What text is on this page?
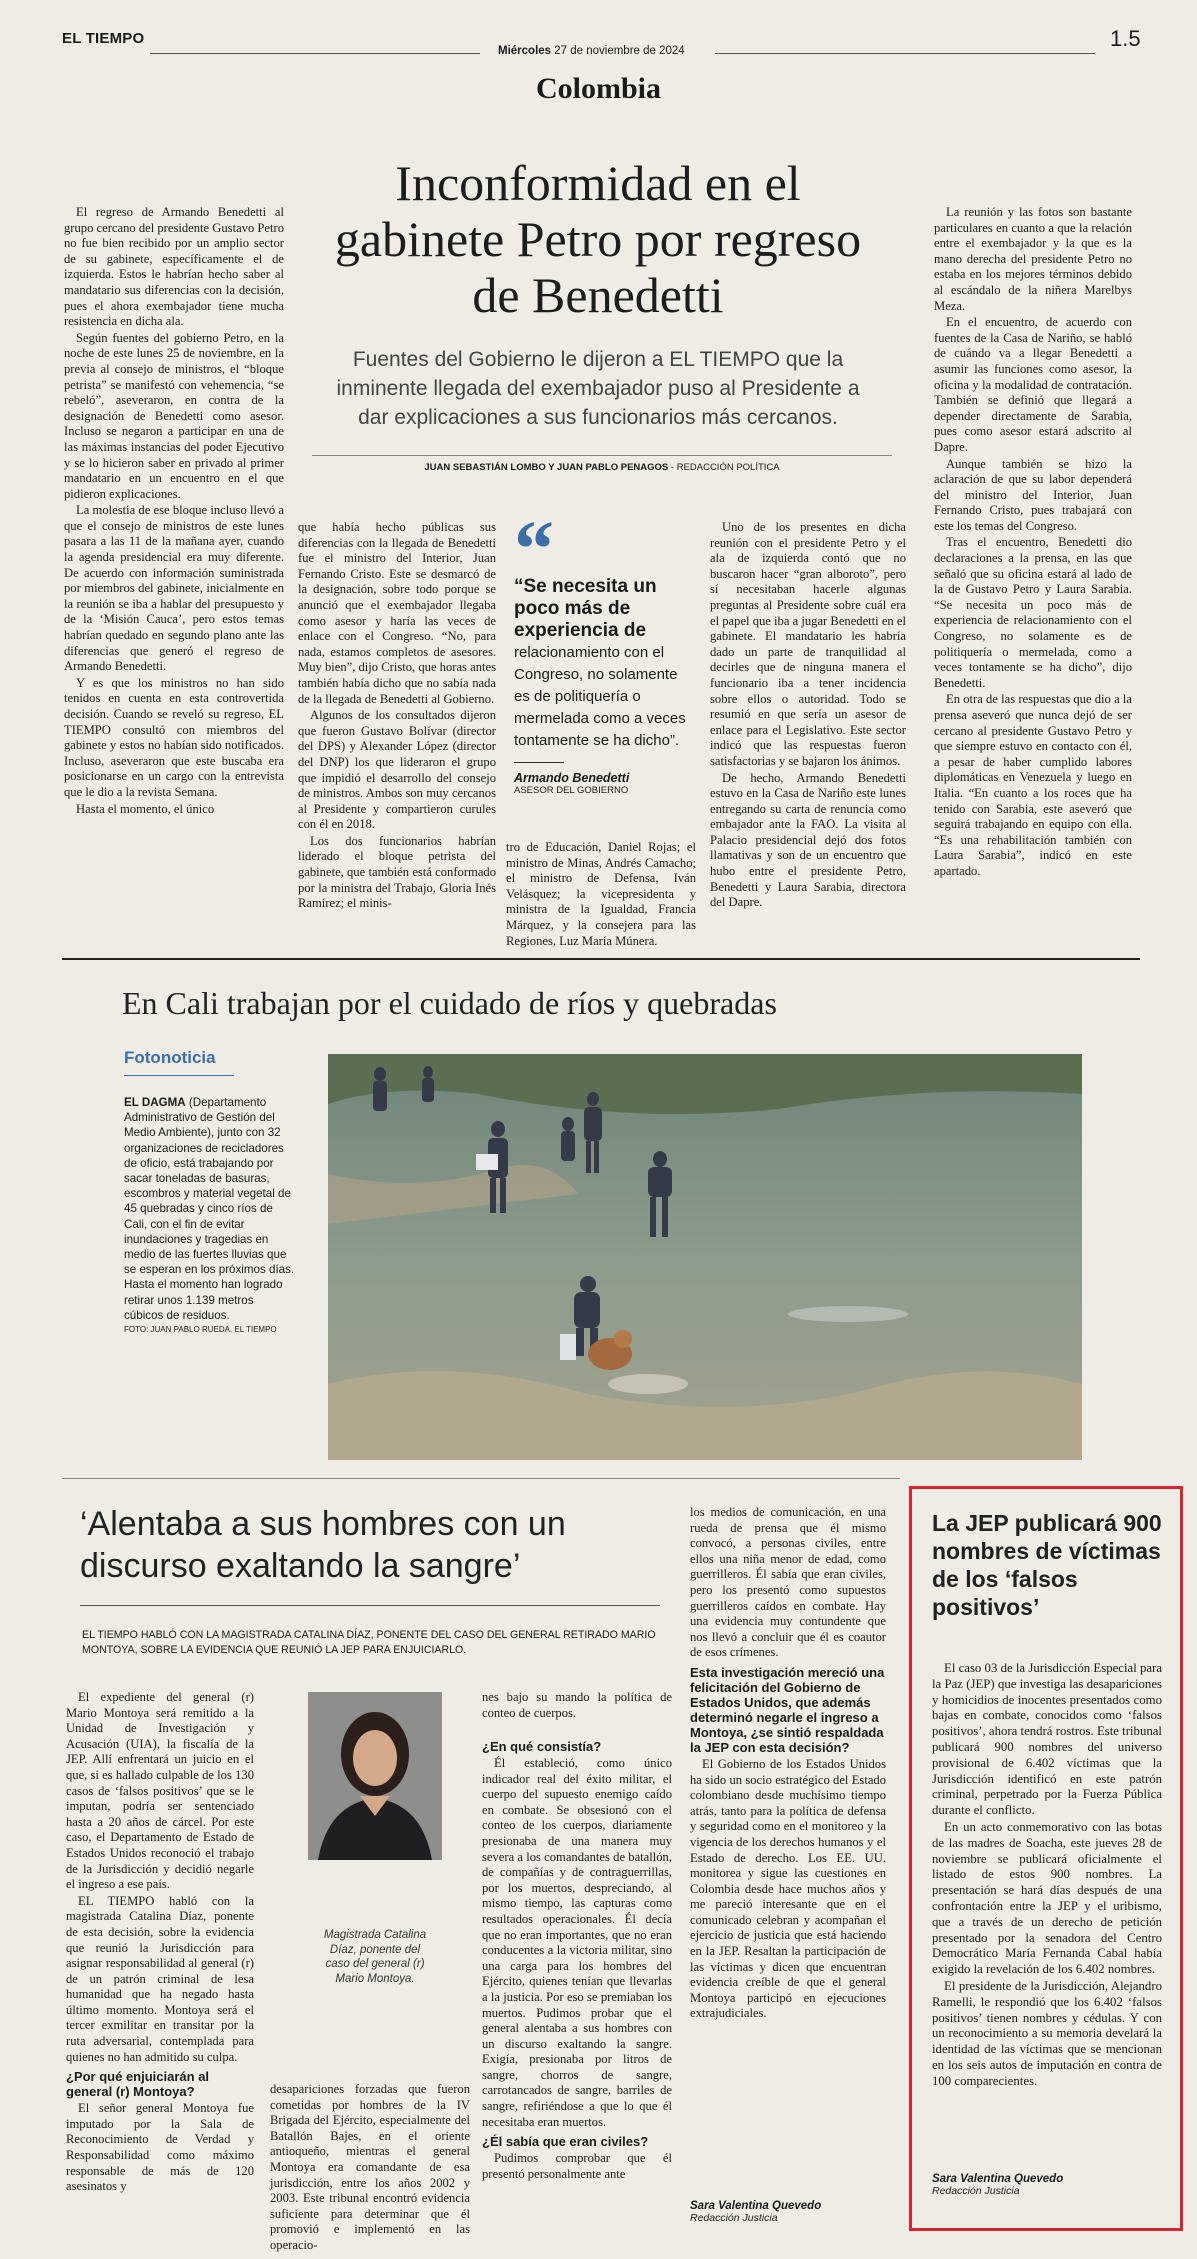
EL TIEMPO
Miércoles 27 de noviembre de 2024	1.5
Colombia
Inconformidad en el gabinete Petro por regreso de Benedetti
Fuentes del Gobierno le dijeron a EL TIEMPO que la inminente llegada del exembajador puso al Presidente a dar explicaciones a sus funcionarios más cercanos.
JUAN SEBASTIÁN LOMBO Y JUAN PABLO PENAGOS - REDACCIÓN POLÍTICA

El regreso de Armando Benedetti al grupo cercano del presidente Gustavo Petro no fue bien recibido por un amplio sector de su gabinete, específicamente el de izquierda. Estos le habrían hecho saber al mandatario sus diferencias con la decisión, pues el ahora exembajador tiene mucha resistencia en dicha ala.

Según fuentes del gobierno Petro, en la noche de este lunes 25 de noviembre, en la previa al consejo de ministros, el “bloque petrista” se manifestó con vehemencia, “se rebeló”, aseveraron, en contra de la designación de Benedetti como asesor. Incluso se negaron a participar en una de las máximas instancias del poder Ejecutivo y se lo hicieron saber en privado al primer mandatario en un encuentro en el que pidieron explicaciones.

La molestia de ese bloque incluso llevó a que el consejo de ministros de este lunes pasara a las 11 de la mañana ayer, cuando la agenda presidencial era muy diferente. De acuerdo con información suministrada por miembros del gabinete, inicialmente en la reunión se iba a hablar del presupuesto y de la ‘Misión Cauca’, pero estos temas habrían quedado en segundo plano ante las diferencias que generó el regreso de Armando Benedetti.

Y es que los ministros no han sido tenidos en cuenta en esta controvertida decisión. Cuando se reveló su regreso, EL TIEMPO consultó con miembros del gabinete y estos no habían sido notificados. Incluso, aseveraron que este buscaba era posicionarse en un cargo con la entrevista que le dio a la revista Semana.

Hasta el momento, el único

que había hecho públicas sus diferencias con la llegada de Benedetti fue el ministro del Interior, Juan Fernando Cristo. Este se desmarcó de la designación, sobre todo porque se anunció que el exembajador llegaba como asesor y haría las veces de enlace con el Congreso. “No, para nada, estamos completos de asesores. Muy bien”, dijo Cristo, que horas antes también había dicho que no sabía nada de la llegada de Benedetti al Gobierno.

Algunos de los consultados dijeron que fueron Gustavo Bolívar (director del DPS) y Alexander López (director del DNP) los que lideraron el grupo que impidió el desarrollo del consejo de ministros. Ambos son muy cercanos al Presidente y compartieron curules con él en 2018.

Los dos funcionarios habrían liderado el bloque petrista del gabinete, que también está conformado por la ministra del Trabajo, Gloria Inés Ramírez; el minis-

“
“Se necesita un poco más de experiencia de
relacionamiento con el Congreso, no solamente es de politiquería o mermelada como a veces tontamente se ha dicho”.
Armando Benedetti
ASESOR DEL GOBIERNO

tro de Educación, Daniel Rojas; el ministro de Minas, Andrés Camacho; el ministro de Defensa, Iván Velásquez; la vicepresidenta y ministra de la Igualdad, Francia Márquez, y la consejera para las Regiones, Luz María Múnera.

Uno de los presentes en dicha reunión con el presidente Petro y el ala de izquierda contó que no buscaron hacer “gran alboroto”, pero sí necesitaban hacerle algunas preguntas al Presidente sobre cuál era el papel que iba a jugar Benedetti en el gabinete. El mandatario les habría dado un parte de tranquilidad al decirles que de ninguna manera el funcionario iba a tener incidencia sobre ellos o autoridad. Todo se resumió en que sería un asesor de enlace para el Legislativo. Este sector indicó que las respuestas fueron satisfactorias y se bajaron los ánimos.

De hecho, Armando Benedetti estuvo en la Casa de Nariño este lunes entregando su carta de renuncia como embajador ante la FAO. La visita al Palacio presidencial dejó dos fotos llamativas y son de un encuentro que hubo entre el presidente Petro, Benedetti y Laura Sarabia, directora del Dapre.

La reunión y las fotos son bastante particulares en cuanto a que la relación entre el exembajador y la que es la mano derecha del presidente Petro no estaba en los mejores términos debido al escándalo de la niñera Marelbys Meza.

En el encuentro, de acuerdo con fuentes de la Casa de Nariño, se habló de cuándo va a llegar Benedetti a asumir las funciones como asesor, la oficina y la modalidad de contratación. También se definió que llegará a depender directamente de Sarabia, pues como asesor estará adscrito al Dapre.

Aunque también se hizo la aclaración de que su labor dependerá del ministro del Interior, Juan Fernando Cristo, pues trabajará con este los temas del Congreso.

Tras el encuentro, Benedetti dio declaraciones a la prensa, en las que señaló que su oficina estará al lado de la de Gustavo Petro y Laura Sarabia. “Se necesita un poco más de experiencia de relacionamiento con el Congreso, no solamente es de politiquería o mermelada, como a veces tontamente se ha dicho”, dijo Benedetti.

En otra de las respuestas que dio a la prensa aseveró que nunca dejó de ser cercano al presidente Gustavo Petro y que siempre estuvo en contacto con él, a pesar de haber cumplido labores diplomáticas en Venezuela y luego en Italia. “En cuanto a los roces que ha tenido con Sarabia, este aseveró que seguirá trabajando en equipo con ella. “Es una rehabilitación también con Laura Sarabia”, indicó en este apartado.

En Cali trabajan por el cuidado de ríos y quebradas
Fotonoticia
EL DAGMA (Departamento Administrativo de Gestión del Medio Ambiente), junto con 32 organizaciones de recicladores de oficio, está trabajando por sacar toneladas de basuras, escombros y material vegetal de 45 quebradas y cinco ríos de Cali, con el fin de evitar inundaciones y tragedias en medio de las fuertes lluvias que se esperan en los próximos días. Hasta el momento han logrado retirar unos 1.139 metros cúbicos de residuos.
FOTO: JUAN PABLO RUEDA. EL TIEMPO
‘Alentaba a sus hombres con un discurso exaltando la sangre’
EL TIEMPO HABLÓ CON LA MAGISTRADA CATALINA DÍAZ, PONENTE DEL CASO DEL GENERAL RETIRADO MARIO MONTOYA, SOBRE LA EVIDENCIA QUE REUNIÓ LA JEP PARA ENJUICIARLO.

El expediente del general (r) Mario Montoya será remitido a la Unidad de Investigación y Acusación (UIA), la fiscalía de la JEP. Allí enfrentará un juicio en el que, si es hallado culpable de los 130 casos de ‘falsos positivos’ que se le imputan, podría ser sentenciado hasta a 20 años de cárcel. Por este caso, el Departamento de Estado de Estados Unidos reconoció el trabajo de la Jurisdicción y decidió negarle el ingreso a ese país.

EL TIEMPO habló con la magistrada Catalina Díaz, ponente de esta decisión, sobre la evidencia que reunió la Jurisdicción para asignar responsabilidad al general (r) de un patrón criminal de lesa humanidad que ha negado hasta último momento. Montoya será el tercer exmilitar en transitar por la ruta adversarial, contemplada para quienes no han admitido su culpa.

¿Por qué enjuiciarán al general (r) Montoya?

El señor general Montoya fue imputado por la Sala de Reconocimiento de Verdad y Responsabilidad como máximo responsable de más de 120 asesinatos y

nes bajo su mando la política de conteo de cuerpos.

Magistrada Catalina Díaz, ponente del caso del general (r) Mario Montoya.

desapariciones forzadas que fueron cometidas por hombres de la IV Brigada del Ejército, especialmente del Batallón Bajes, en el oriente antioqueño, mientras el general Montoya era comandante de esa jurisdicción, entre los años 2002 y 2003. Este tribunal encontró evidencia suficiente para determinar que él promovió e implementó en las operacio-

¿En qué consistía?

Él estableció, como único indicador real del éxito militar, el cuerpo del supuesto enemigo caído en combate. Se obsesionó con el conteo de los cuerpos, diariamente presionaba de una manera muy severa a los comandantes de batallón, de compañías y de contraguerrillas, por los muertos, despreciando, al mismo tiempo, las capturas como resultados operacionales. Él decía que no eran importantes, que no eran conducentes a la victoria militar, sino una carga para los hombres del Ejército, quienes tenían que llevarlas a la justicia. Por eso se premiaban los muertos. Pudimos probar que el general alentaba a sus hombres con un discurso exaltando la sangre. Exigía, presionaba por litros de sangre, chorros de sangre, carrotancados de sangre, barriles de sangre, refiriéndose a que lo que él necesitaba eran muertos.

¿Él sabía que eran civiles?

Pudimos comprobar que él presentó personalmente ante

los medios de comunicación, en una rueda de prensa que él mismo convocó, a personas civiles, entre ellos una niña menor de edad, como guerrilleros. Él sabía que eran civiles, pero los presentó como supuestos guerrilleros caídos en combate. Hay una evidencia muy contundente que nos llevó a concluir que él es coautor de esos crímenes.

Esta investigación mereció una felicitación del Gobierno de Estados Unidos, que además determinó negarle el ingreso a Montoya, ¿se sintió respaldada la JEP con esta decisión?

El Gobierno de los Estados Unidos ha sido un socio estratégico del Estado colombiano desde muchísimo tiempo atrás, tanto para la política de defensa y seguridad como en el monitoreo y la vigencia de los derechos humanos y el Estado de derecho. Los EE. UU. monitorea y sigue las cuestiones en Colombia desde hace muchos años y me pareció interesante que en el comunicado celebran y acompañan el ejercicio de justicia que está haciendo en la JEP. Resaltan la participación de las víctimas y dicen que encuentran evidencia creíble de que el general Montoya participó en ejecuciones extrajudiciales.

Sara Valentina Quevedo
Redacción Justicia
La JEP publicará 900 nombres de víctimas de los ‘falsos positivos’

El caso 03 de la Jurisdicción Especial para la Paz (JEP) que investiga las desapariciones y homicidios de inocentes presentados como bajas en combate, conocidos como ‘falsos positivos’, ahora tendrá rostros. Este tribunal publicará 900 nombres del universo provisional de 6.402 víctimas que la Jurisdicción identificó en este patrón criminal, perpetrado por la Fuerza Pública durante el conflicto.

En un acto conmemorativo con las botas de las madres de Soacha, este jueves 28 de noviembre se publicará oficialmente el listado de estos 900 nombres. La presentación se hará días después de una confrontación entre la JEP y el uribismo, que a través de un derecho de petición presentado por la senadora del Centro Democrático María Fernanda Cabal había exigido la revelación de los 6.402 nombres.

El presidente de la Jurisdicción, Alejandro Ramelli, le respondió que los 6.402 ‘falsos positivos’ tienen nombres y cédulas. Y con un reconocimiento a su memoria develará la identidad de las víctimas que se mencionan en los seis autos de imputación en contra de 100 comparecientes.

Sara Valentina Quevedo
Redacción Justicia
